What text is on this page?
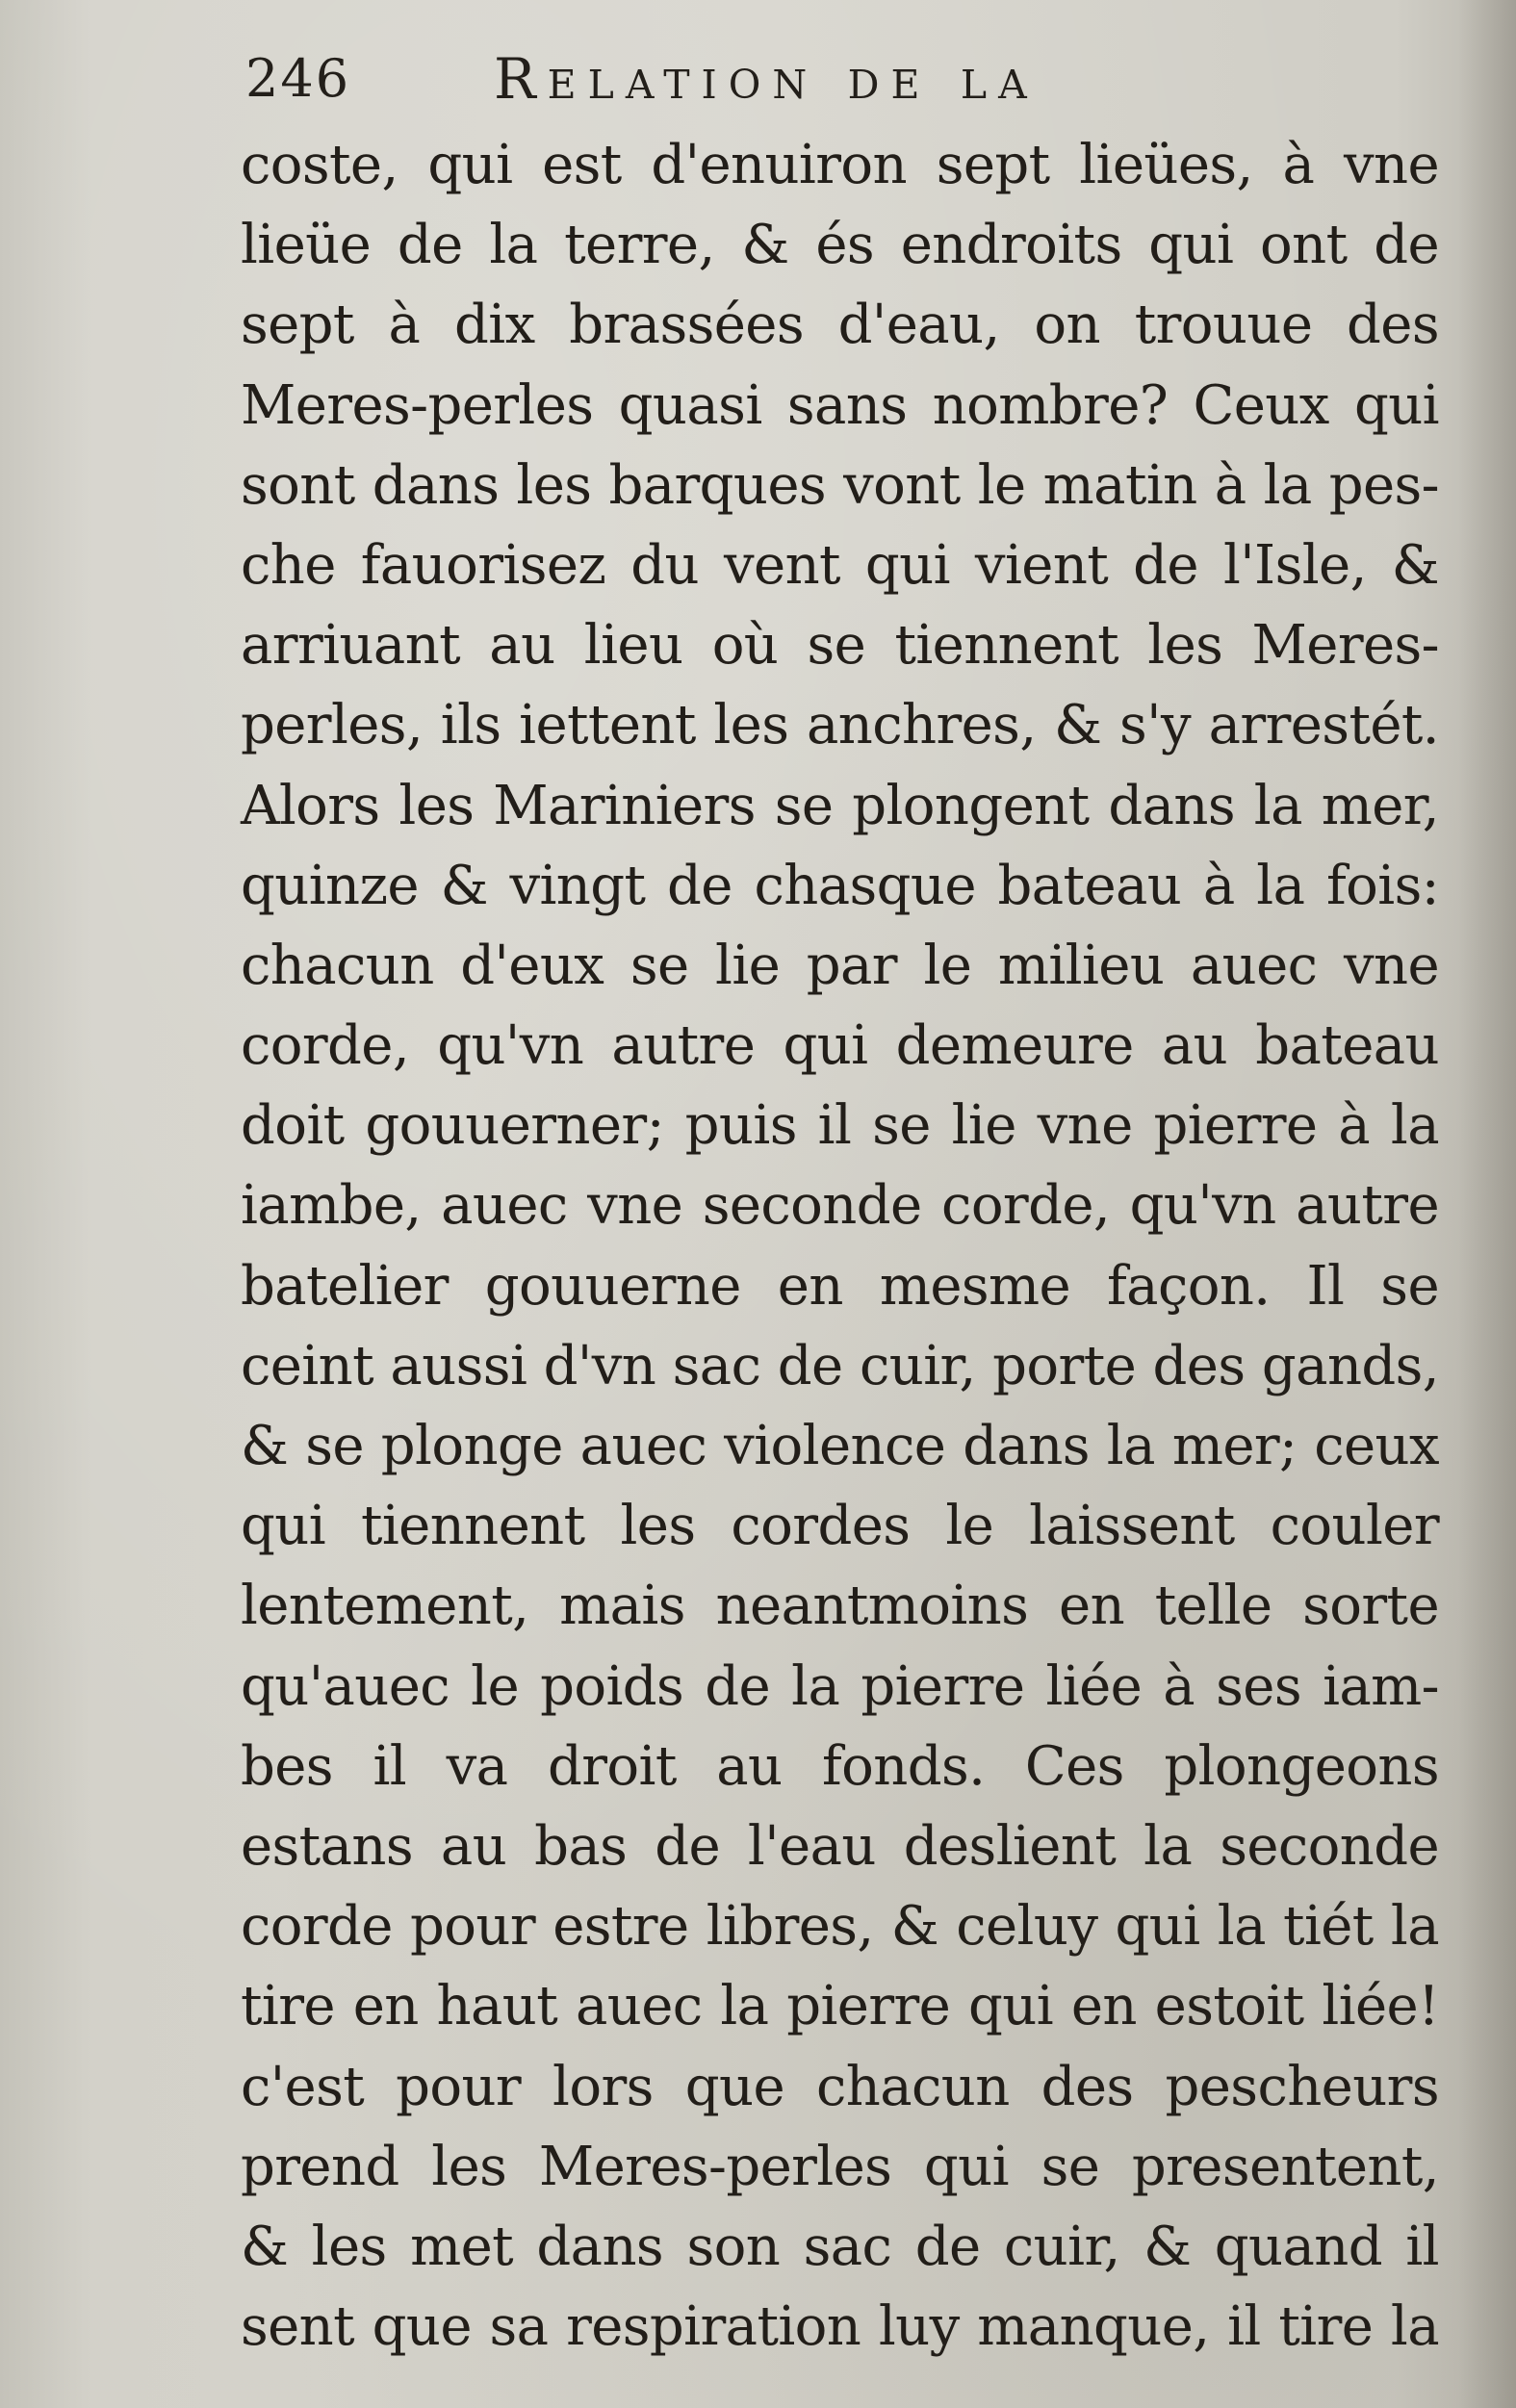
246	Relation de la
coste, qui est d'enuiron sept lieües, à vne
lieüe de la terre, & és endroits qui ont de
sept à dix brassées d'eau, on trouue des
Meres-perles quasi sans nombre? Ceux qui
sont dans les barques vont le matin à la pes-
che fauorisez du vent qui vient de l'Isle, &
arriuant au lieu où se tiennent les Meres-
perles, ils iettent les anchres, & s'y arrestét.
Alors les Mariniers se plongent dans la mer,
quinze & vingt de chasque bateau à la fois:
chacun d'eux se lie par le milieu auec vne
corde, qu'vn autre qui demeure au bateau
doit gouuerner; puis il se lie vne pierre à la
iambe, auec vne seconde corde, qu'vn autre
batelier gouuerne en mesme façon. Il se
ceint aussi d'vn sac de cuir, porte des gands,
& se plonge auec violence dans la mer; ceux
qui tiennent les cordes le laissent couler
lentement, mais neantmoins en telle sorte
qu'auec le poids de la pierre liée à ses iam-
bes il va droit au fonds. Ces plongeons
estans au bas de l'eau deslient la seconde
corde pour estre libres, & celuy qui la tiét la
tire en haut auec la pierre qui en estoit liée!
c'est pour lors que chacun des pescheurs
prend les Meres-perles qui se presentent,
& les met dans son sac de cuir, & quand il
sent que sa respiration luy manque, il tire la
